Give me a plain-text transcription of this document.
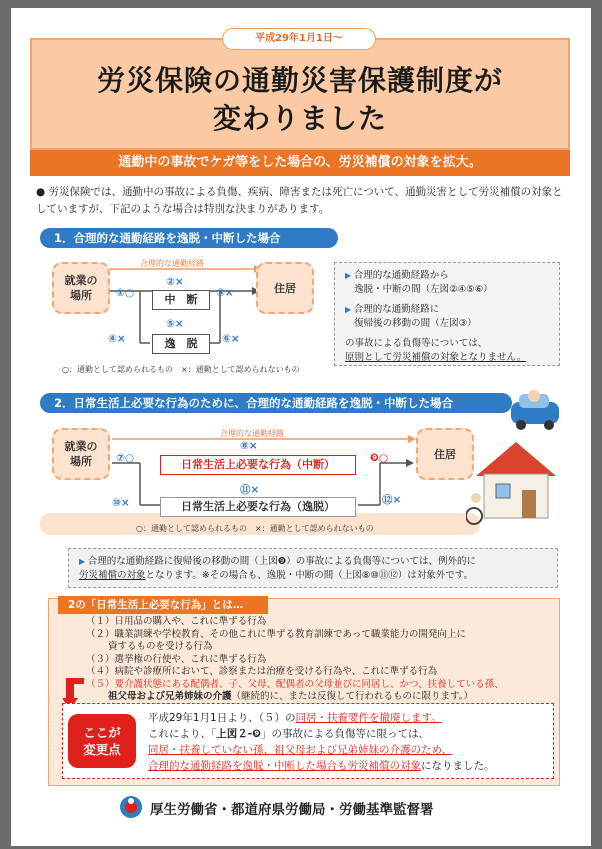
平成29年1月1日～
労災保険の通勤災害保護制度が
変わりました
通勤中の事故でケガ等をした場合の、労災補償の対象を拡大。
● 労災保険では、通勤中の事故による負傷、疾病、障害または死亡について、通勤災害として労災補償の対象としていますが、下記のような場合は特別な決まりがあります。
1．合理的な通勤経路を逸脱・中断した場合
就業の
場所
住居
合理的な通勤経路
中　断
逸　脱
①○
②×
③×
④×
⑤×
⑥×
○：通勤として認められるもの　×：通勤として認められないもの
▶ 合理的な通勤経路から
逸脱・中断の間（左図②④⑤⑥）
▶ 合理的な通勤経路に
復帰後の移動の間（左図③）
の事故による負傷等については、
原則として労災補償の対象となりません。
2．日常生活上必要な行為のために、合理的な通勤経路を逸脱・中断した場合
就業の
場所
住居
合理的な通勤経路
日常生活上必要な行為（中断）
日常生活上必要な行為（逸脱）
⑦○
⑧×
❾○
⑩×
⑪×
⑫×
○：通勤として認められるもの　×：通勤として認められないもの
▶ 合理的な通勤経路に復帰後の移動の間（上図❾）の事故による負傷等については、例外的に
労災補償の対象となります。※その場合も、逸脱・中断の間（上図⑧⑩⑪⑫）は対象外です。
2の「日常生活上必要な行為」とは…
（１）日用品の購入や、これに準ずる行為
（２）職業訓練や学校教育、その他これに準ずる教育訓練であって職業能力の開発向上に
資するものを受ける行為
（３）選挙権の行使や、これに準ずる行為
（４）病院や診療所において、診察または治療を受ける行為や、これに準ずる行為
（５）要介護状態にある配偶者、子、父母、配偶者の父母並びに同居し、かつ、扶養している孫、
祖父母および兄弟姉妹の介護（継続的に、または反復して行われるものに限ります。）
ここが
変更点
平成29年1月1日より、（５）の同居・扶養要件を撤廃します。
これにより、「上図２-❾」の事故による負傷等に限っては、
同居・扶養していない孫、祖父母および兄弟姉妹の介護のため、
合理的な通勤経路を逸脱・中断した場合も労災補償の対象になりました。
厚生労働省・都道府県労働局・労働基準監督署
